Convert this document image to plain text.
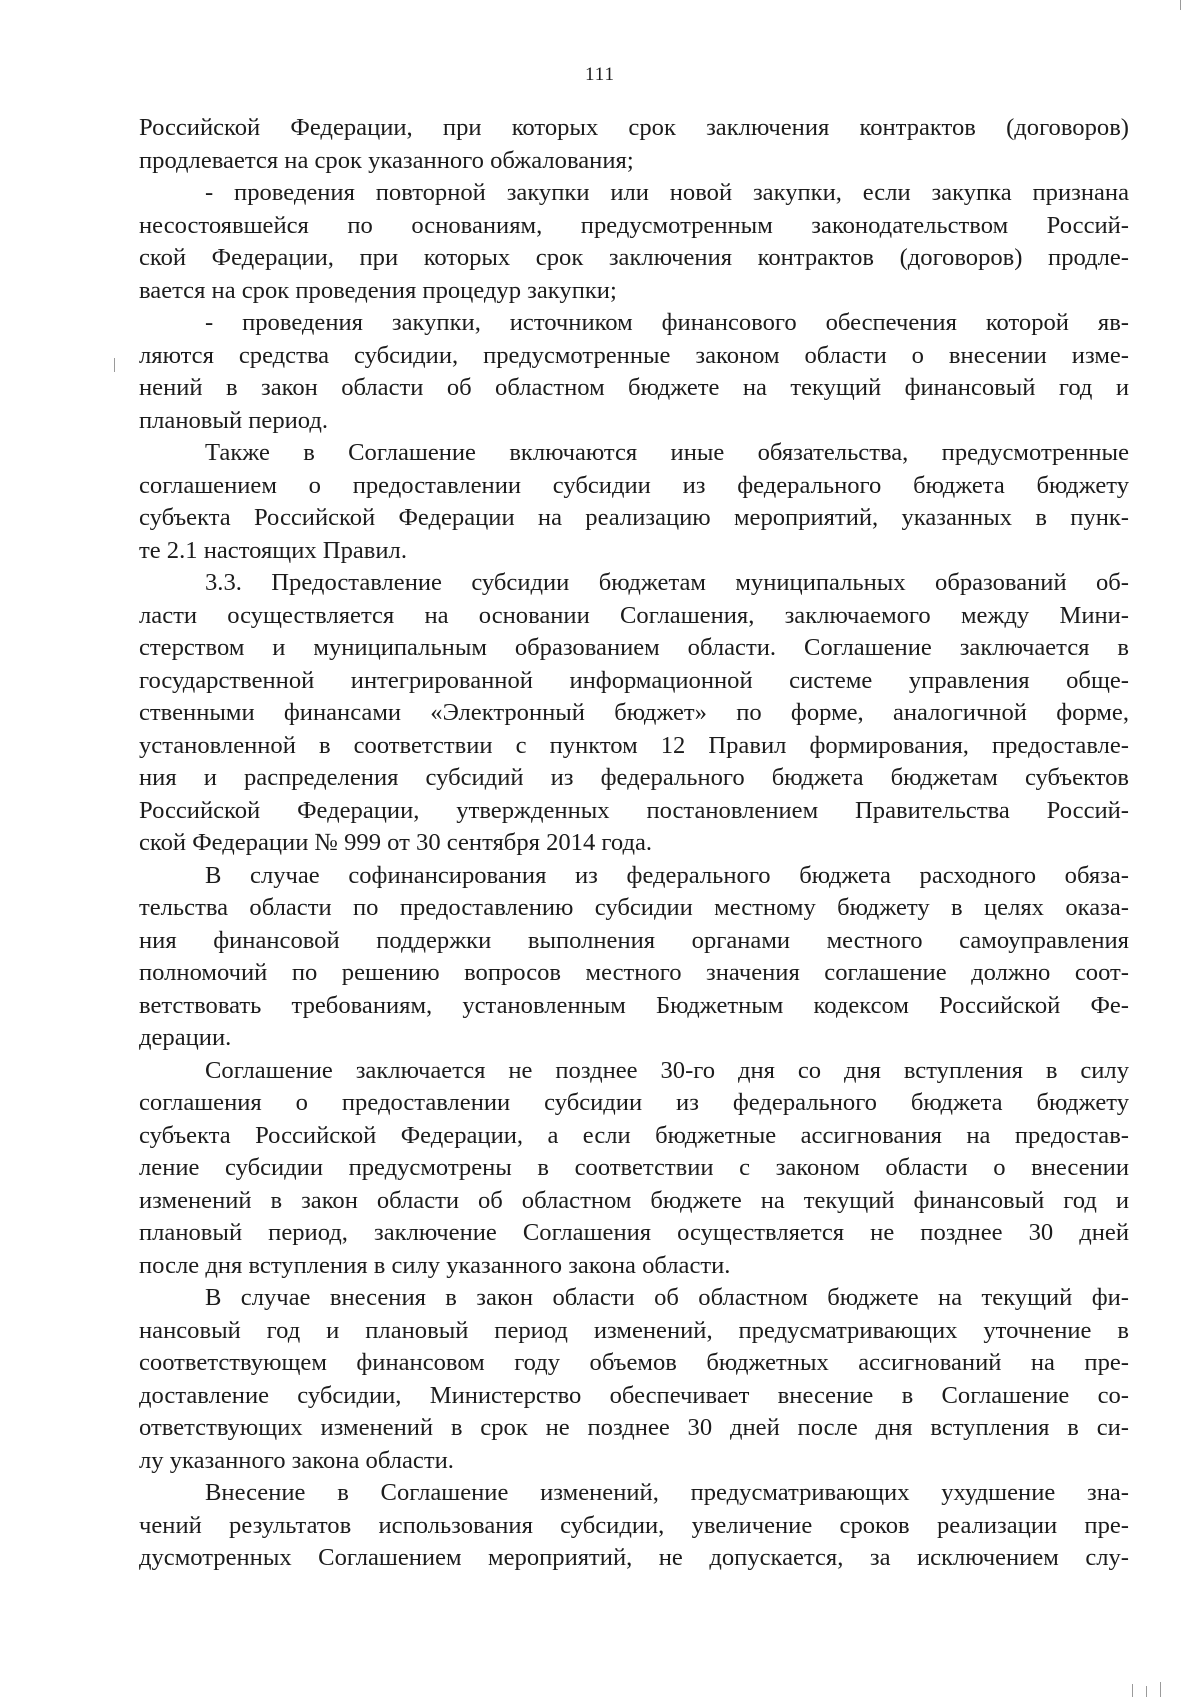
111
Российской Федерации, при которых срок заключения контрактов (договоров)
продлевается на срок указанного обжалования;
- проведения повторной закупки или новой закупки, если закупка признана
несостоявшейся по основаниям, предусмотренным законодательством Россий-
ской Федерации, при которых срок заключения контрактов (договоров) продле-
вается на срок проведения процедур закупки;
- проведения закупки, источником финансового обеспечения которой яв-
ляются средства субсидии, предусмотренные законом области о внесении изме-
нений в закон области об областном бюджете на текущий финансовый год и
плановый период.
Также в Соглашение включаются иные обязательства, предусмотренные
соглашением о предоставлении субсидии из федерального бюджета бюджету
субъекта Российской Федерации на реализацию мероприятий, указанных в пунк-
те 2.1 настоящих Правил.
3.3. Предоставление субсидии бюджетам муниципальных образований об-
ласти осуществляется на основании Соглашения, заключаемого между Мини-
стерством и муниципальным образованием области. Соглашение заключается в
государственной интегрированной информационной системе управления обще-
ственными финансами «Электронный бюджет» по форме, аналогичной форме,
установленной в соответствии с пунктом 12 Правил формирования, предоставле-
ния и распределения субсидий из федерального бюджета бюджетам субъектов
Российской Федерации, утвержденных постановлением Правительства Россий-
ской Федерации № 999 от 30 сентября 2014 года.
В случае софинансирования из федерального бюджета расходного обяза-
тельства области по предоставлению субсидии местному бюджету в целях оказа-
ния финансовой поддержки выполнения органами местного самоуправления
полномочий по решению вопросов местного значения соглашение должно соот-
ветствовать требованиям, установленным Бюджетным кодексом Российской Фе-
дерации.
Соглашение заключается не позднее 30-го дня со дня вступления в силу
соглашения о предоставлении субсидии из федерального бюджета бюджету
субъекта Российской Федерации, а если бюджетные ассигнования на предостав-
ление субсидии предусмотрены в соответствии с законом области о внесении
изменений в закон области об областном бюджете на текущий финансовый год и
плановый период, заключение Соглашения осуществляется не позднее 30 дней
после дня вступления в силу указанного закона области.
В случае внесения в закон области об областном бюджете на текущий фи-
нансовый год и плановый период изменений, предусматривающих уточнение в
соответствующем финансовом году объемов бюджетных ассигнований на пре-
доставление субсидии, Министерство обеспечивает внесение в Соглашение со-
ответствующих изменений в срок не позднее 30 дней после дня вступления в си-
лу указанного закона области.
Внесение в Соглашение изменений, предусматривающих ухудшение зна-
чений результатов использования субсидии, увеличение сроков реализации пре-
дусмотренных Соглашением мероприятий, не допускается, за исключением слу-
